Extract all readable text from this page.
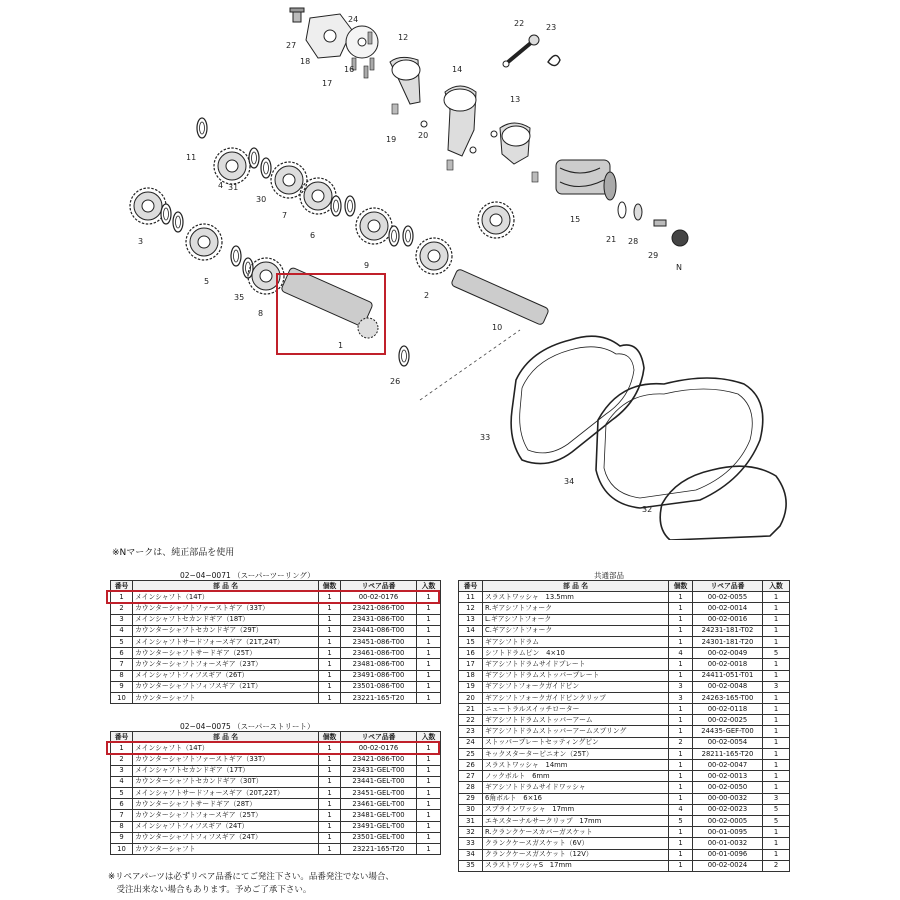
1
2
3
4
5
6
7
8
9
10
11
12
13
14
15
16
17
18
19	20
21
22	23
24
26
27
28
29
30
31
32
33
34
35
N
※Nマークは、純正部品を使用
02−04−0071 （スーパーツーリング）
番号	部 品 名	個数	リペア品番	入数
1	メインシャフト（14T）	1	00-02-0176	1
2	カウンターシャフトファーストギア（33T）	1	23421-086-T00	1
3	メインシャフトセカンドギア（18T）	1	23431-086-T00	1
4	カウンターシャフトセカンドギア（29T）	1	23441-086-T00	1
5	メインシャフトサードフォースギア（21T,24T）	1	23451-086-T00	1
6	カウンターシャフトサードギア（25T）	1	23461-086-T00	1
7	カウンターシャフトフォースギア（23T）	1	23481-086-T00	1
8	メインシャフトフィフスギア（26T）	1	23491-086-T00	1
9	カウンターシャフトフィフスギア（21T）	1	23501-086-T00	1
10	カウンターシャフト	1	23221-165-T20	1
02−04−0075 （スーパーストリート）
番号	部 品 名	個数	リペア品番	入数
1	メインシャフト（14T）	1	00-02-0176	1
2	カウンターシャフトファーストギア（33T）	1	23421-086-T00	1
3	メインシャフトセカンドギア（17T）	1	23431-GEL-T00	1
4	カウンターシャフトセカンドギア（30T）	1	23441-GEL-T00	1
5	メインシャフトサードフォースギア（20T,22T）	1	23451-GEL-T00	1
6	カウンターシャフトサードギア（28T）	1	23461-GEL-T00	1
7	カウンターシャフトフォースギア（25T）	1	23481-GEL-T00	1
8	メインシャフトフィフスギア（24T）	1	23491-GEL-T00	1
9	カウンターシャフトフィフスギア（24T）	1	23501-GEL-T00	1
10	カウンターシャフト	1	23221-165-T20	1
共通部品
番号	部 品 名	個数	リペア品番	入数
11	スラストワッシャ　13.5mm	1	00-02-0055	1
12	R.ギアシフトフォーク	1	00-02-0014	1
13	L.ギアシフトフォーク	1	00-02-0016	1
14	C.ギアシフトフォーク	1	24231-181-T02	1
15	ギアシフトドラム	1	24301-181-T20	1
16	シフトドラムピン　4×10	4	00-02-0049	5
17	ギアシフトドラムサイドプレート	1	00-02-0018	1
18	ギアシフトドラムストッパープレート	1	24411-051-T01	1
19	ギアシフトフォークガイドピン	3	00-02-0048	3
20	ギアシフトフォークガイドピンクリップ	3	24263-165-T00	1
21	ニュートラルスイッチローター	1	00-02-0118	1
22	ギアシフトドラムストッパーアーム	1	00-02-0025	1
23	ギアシフトドラムストッパーアームスプリング	1	24435-GEF-T00	1
24	ストッパープレートセッティングピン	2	00-02-0054	1
25	キックスターターピニオン（25T）	1	28211-165-T20	1
26	スラストワッシャ　14mm	1	00-02-0047	1
27	ノックボルト　6mm	1	00-02-0013	1
28	ギアシフトドラムサイドワッシャ	1	00-02-0050	1
29	6角ボルト　6×16	1	00-00-0032	3
30	スプラインワッシャ　17mm	4	00-02-0023	5
31	エキスターナルサークリップ　17mm	5	00-02-0005	5
32	R.クランクケースカバーガスケット	1	00-01-0095	1
33	クランクケースガスケット（6V）	1	00-01-0032	1
34	クランクケースガスケット（12V）	1	00-01-0096	1
35	スラストワッシャS　17mm	1	00-02-0024	2
※リペアパーツは必ずリペア品番にてご発注下さい。品番発注でない場合、
　受注出来ない場合もあります。予めご了承下さい。
